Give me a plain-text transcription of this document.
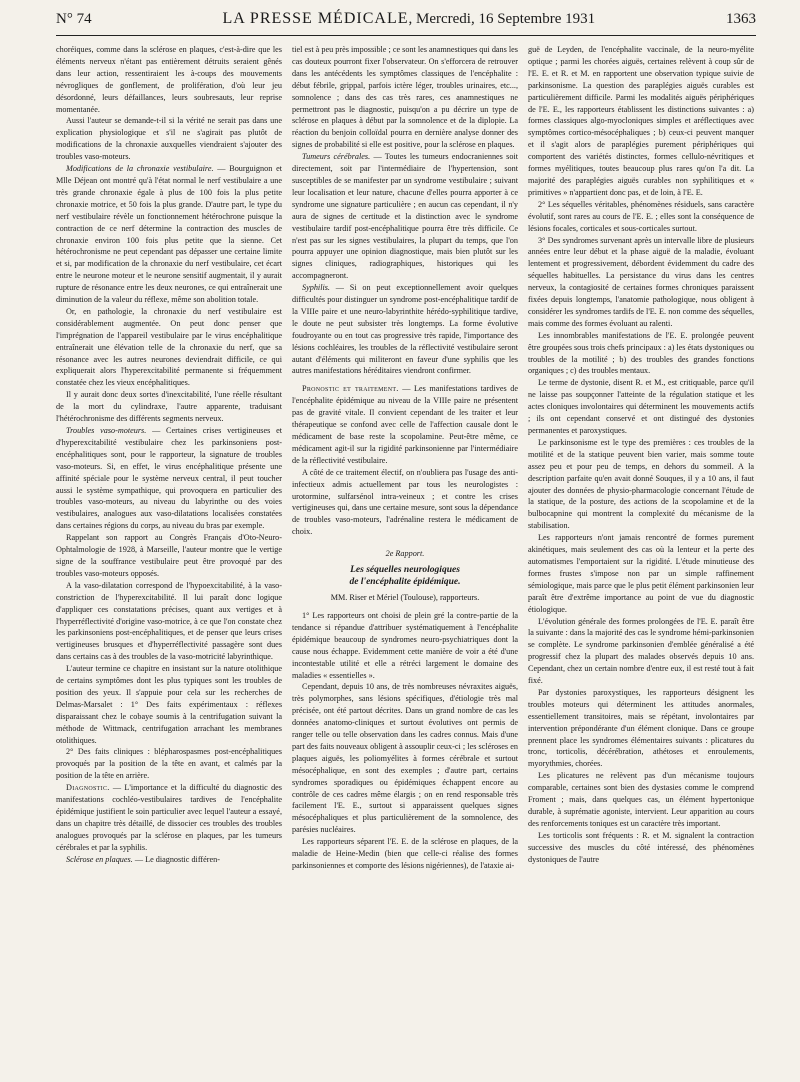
N° 74	LA PRESSE MÉDICALE, Mercredi, 16 Septembre 1931	1363

choréiques, comme dans la sclérose en plaques, c'est-à-dire que les éléments nerveux n'étant pas entièrement détruits seraient gênés dans leur action, ressentiraient les à-coups des mouvements névrogliques de gonflement, de prolifération, d'où leur jeu désordonné, leurs défaillances, leurs soubresauts, leur reprise momentanée.

Aussi l'auteur se demande-t-il si la vérité ne serait pas dans une explication physiologique et s'il ne s'agirait pas plutôt de modifications de la chronaxie auxquelles viendraient s'ajouter des troubles vaso-moteurs.

Modifications de la chronaxie vestibulaire. — Bourguignon et Mlle Déjean ont montré qu'à l'état normal le nerf vestibulaire a une très grande chronaxie égale à plus de 100 fois la plus petite chronaxie motrice, et 50 fois la plus grande. D'autre part, le type du nerf vestibulaire révèle un fonctionnement hétérochrone puisque la contraction de ce nerf détermine la contraction des muscles de chronaxie environ 100 fois plus petite que la sienne. Cet hétérochronisme ne peut cependant pas dépasser une certaine limite et si, par modification de la chronaxie du nerf vestibulaire, cet écart entre le neurone moteur et le neurone sensitif augmentait, il y aurait rupture de résonance entre les deux neurones, ce qui entraînerait une diminution de la valeur du réflexe, même son abolition totale.

Or, en pathologie, la chronaxie du nerf vestibulaire est considérablement augmentée. On peut donc penser que l'imprégnation de l'appareil vestibulaire par le virus encéphalitique entraînerait une élévation telle de la chronaxie du nerf, que sa résonance avec les autres neurones deviendrait difficile, ce qui expliquerait alors l'hyperexcitabilité permanente si fréquemment constatée chez les vieux encéphalitiques.

Il y aurait donc deux sortes d'inexcitabilité, l'une réelle résultant de la mort du cylindraxe, l'autre apparente, traduisant l'hétérochronisme des différents segments nerveux.

Troubles vaso-moteurs. — Certaines crises vertigineuses et d'hyperexcitabilité vestibulaire chez les parkinsoniens post-encéphalitiques sont, pour le rapporteur, la signature de troubles vaso-moteurs. Si, en effet, le virus encéphalitique présente une affinité spéciale pour le système nerveux central, il peut toucher aussi le système sympathique, qui provoquera en particulier des troubles vaso-moteurs, au niveau du labyrinthe ou des voies vestibulaires, analogues aux vaso-dilatations localisées constatées dans certaines régions du corps, au niveau du bras par exemple.

Rappelant son rapport au Congrès Français d'Oto-Neuro-Ophtalmologie de 1928, à Marseille, l'auteur montre que le vertige signe de la souffrance vestibulaire peut être provoqué par des troubles vaso-moteurs opposés.

A la vaso-dilatation correspond de l'hypoexcitabilité, à la vaso-constriction de l'hyperexcitabilité. Il lui paraît donc logique d'appliquer ces constatations précises, quant aux vertiges et à l'hyperréflectivité d'origine vaso-motrice, à ce que l'on constate chez les parkinsoniens post-encéphalitiques, et de penser que leurs crises vertigineuses brusques et d'hyperréflectivité passagère sont dues dans certains cas à des troubles de la vaso-motricité labyrinthique.

L'auteur termine ce chapitre en insistant sur la nature otolithique de certains symptômes dont les plus typiques sont les troubles de position des yeux. Il s'appuie pour cela sur les recherches de Delmas-Marsalet : 1° Des faits expérimentaux : réflexes disparaissant chez le cobaye soumis à la centrifugation suivant la méthode de Wittmack, centrifugation arrachant les membranes otolithiques.

2° Des faits cliniques : blépharospasmes post-encéphalitiques provoqués par la position de la tête en avant, et calmés par la position de la tête en arrière.

Diagnostic. — L'importance et la difficulté du diagnostic des manifestations cochléo-vestibulaires tardives de l'encéphalite épidémique justifient le soin particulier avec lequel l'auteur a essayé, dans un chapitre très détaillé, de dissocier ces troubles des troubles analogues provoqués par la sclérose en plaques, par les tumeurs cérébrales et par la syphilis.

Sclérose en plaques. — Le diagnostic différen-

tiel est à peu près impossible ; ce sont les anamnestiques qui dans les cas douteux pourront fixer l'observateur. On s'efforcera de retrouver dans les antécédents les symptômes classiques de l'encéphalite : début fébrile, grippal, parfois ictère léger, troubles urinaires, etc..., somnolence ; dans des cas très rares, ces anamnestiques ne permettront pas le diagnostic, puisqu'on a pu décrire un type de sclérose en plaques à début par la somnolence et de la diplopie. La réaction du benjoin colloïdal pourra en dernière analyse donner des signes de probabilité si elle est positive, pour la sclérose en plaques.

Tumeurs cérébrales. — Toutes les tumeurs endocraniennes soit directement, soit par l'intermédiaire de l'hypertension, sont susceptibles de se manifester par un syndrome vestibulaire ; suivant leur localisation et leur nature, chacune d'elles pourra apporter à ce syndrome une signature particulière ; en aucun cas cependant, il n'y aura de signes de certitude et la distinction avec le syndrome vestibulaire tardif post-encéphalitique pourra être très difficile. Ce n'est pas sur les signes vestibulaires, la plupart du temps, que l'on pourra appuyer une opinion diagnostique, mais bien plutôt sur les signes cliniques, radiographiques, historiques qui les accompagneront.

Syphilis. — Si on peut exceptionnellement avoir quelques difficultés pour distinguer un syndrome post-encéphalitique tardif de la VIIIe paire et une neuro-labyrinthite hérédo-syphilitique tardive, le doute ne peut subsister très longtemps. La forme évolutive foudroyante ou en tout cas progressive très rapide, l'importance des lésions cochléaires, les troubles de la réflectivité vestibulaire seront autant d'éléments qui militeront en faveur d'une syphilis que les autres manifestations héréditaires viendront confirmer.

Pronostic et traitement. — Les manifestations tardives de l'encéphalite épidémique au niveau de la VIIIe paire ne présentent pas de gravité vitale. Il convient cependant de les traiter et leur thérapeutique se confond avec celle de l'affection causale dont le médicament de base reste la scopolamine. Peut-être même, ce médicament agit-il sur la rigidité parkinsonienne par l'intermédiaire de la réflectivité vestibulaire.

A côté de ce traitement électif, on n'oubliera pas l'usage des anti-infectieux admis actuellement par tous les neurologistes : urotormine, sulfarsénol intra-veineux ; et contre les crises vertigineuses qui, dans une certaine mesure, sont sous la dépendance de troubles vaso-moteurs, l'adrénaline restera le médicament de choix.

2e Rapport.
Les séquelles neurologiques
de l'encéphalite épidémique.
MM. Riser et Mériel (Toulouse), rapporteurs.

1° Les rapporteurs ont choisi de plein gré la contre-partie de la tendance si répandue d'attribuer systématiquement à l'encéphalite épidémique beaucoup de syndromes neuro-psychiatriques dont la cause nous échappe. Evidemment cette manière de voir a été d'une incontestable utilité et elle a rétréci largement le domaine des maladies « essentielles ».

Cependant, depuis 10 ans, de très nombreuses névraxites aiguës, très polymorphes, sans lésions spécifiques, d'étiologie très mal précisée, ont été partout décrites. Dans un grand nombre de cas les données anatomo-cliniques et surtout évolutives ont permis de ranger telle ou telle observation dans les cadres connus. Mais d'une part des faits nouveaux obligent à assouplir ceux-ci ; les scléroses en plaques aiguës, les poliomyélites à formes cérébrale et surtout mésocéphalique, en sont des exemples ; d'autre part, certains syndromes sporadiques ou épidémiques échappent encore au contrôle de ces cadres même élargis ; on en rend responsable très facilement l'E. E., surtout si apparaissent quelques signes mésocéphaliques et plus particulièrement de la somnolence, des parésies nucléaires.

Les rapporteurs séparent l'E. E. de la sclérose en plaques, de la maladie de Heine-Medin (bien que celle-ci réalise des formes parkinsoniennes et comporte des lésions nigériennes), de l'ataxie ai-

guë de Leyden, de l'encéphalite vaccinale, de la neuro-myélite optique ; parmi les chorées aiguës, certaines relèvent à coup sûr de l'E. E. et R. et M. en rapportent une observation typique suivie de parkinsonisme. La question des paraplégies aiguës curables est particulièrement difficile. Parmi les modalités aiguës périphériques de l'E. E., les rapporteurs établissent les distinctions suivantes : a) formes classiques algo-myocloniques simples et aréflectiques avec symptômes cortico-mésocéphaliques ; b) ceux-ci peuvent manquer et il s'agit alors de paraplégies purement périphériques qui comportent des variétés distinctes, formes cellulo-névritiques et formes myélitiques, toutes beaucoup plus rares qu'on l'a dit. La majorité des paraplégies aiguës curables non syphilitiques et « primitives » n'appartient donc pas, et de loin, à l'E. E.

2° Les séquelles véritables, phénomènes résiduels, sans caractère évolutif, sont rares au cours de l'E. E. ; elles sont la conséquence de lésions focales, corticales et sous-corticales surtout.

3° Des syndromes survenant après un intervalle libre de plusieurs années entre leur début et la phase aiguë de la maladie, évoluant lentement et progressivement, débordent évidemment du cadre des séquelles habituelles. La persistance du virus dans les centres nerveux, la contagiosité de certaines formes chroniques paraissent fixées depuis longtemps, l'anatomie pathologique, nous obligent à considérer les syndromes tardifs de l'E. E. non comme des séquelles, mais comme des formes évoluant au ralenti.

Les innombrables manifestations de l'E. E. prolongée peuvent être groupées sous trois chefs principaux : a) les états dystoniques ou troubles de la motilité ; b) des troubles des grandes fonctions organiques ; c) des troubles mentaux.

Le terme de dystonie, disent R. et M., est critiquable, parce qu'il ne laisse pas soupçonner l'atteinte de la régulation statique et les actes cloniques involontaires qui déterminent les mouvements actifs ; ils ont cependant conservé et ont distingué des dystonies permanentes et paroxystiques.

Le parkinsonisme est le type des premières : ces troubles de la motilité et de la statique peuvent bien varier, mais somme toute assez peu et pour peu de temps, en dehors du sommeil. A la description parfaite qu'en avait donné Souques, il y a 10 ans, il faut ajouter des données de physio-pharmacologie concernant l'étude de la statique, de la posture, des actions de la scopolamine et de la bulbocapnine qui montrent la complexité du mécanisme de la stabilisation.

Les rapporteurs n'ont jamais rencontré de formes purement akinétiques, mais seulement des cas où la lenteur et la perte des automatismes l'emportaient sur la rigidité. L'étude minutieuse des formes frustes s'impose non par un simple raffinement sémiologique, mais parce que le plus petit élément parkinsonien leur paraît être d'extrême importance au point de vue du diagnostic étiologique.

L'évolution générale des formes prolongées de l'E. E. paraît être la suivante : dans la majorité des cas le syndrome hémi-parkinsonien se complète. Le syndrome parkinsonien d'emblée généralisé a été progressif chez la plupart des malades observés depuis 10 ans. Cependant, chez un certain nombre d'entre eux, il est resté tout à fait fixé.

Par dystonies paroxystiques, les rapporteurs désignent les troubles moteurs qui déterminent les attitudes anormales, essentiellement transitoires, mais se répétant, involontaires par intervention prépondérante d'un élément clonique. Dans ce groupe prennent place les syndromes élémentaires suivants : plicatures du tronc, torticolis, décérébration, athétoses et enroulements, myorythmies, chorées.

Les plicatures ne relèvent pas d'un mécanisme toujours comparable, certaines sont bien des dystasies comme le comprend Froment ; mais, dans quelques cas, un élément hypertonique durable, à suprématie agoniste, intervient. Leur apparition au cours des renforcements toniques est un caractère très important.

Les torticolis sont fréquents : R. et M. signalent la contraction successive des muscles du côté intéressé, des phénomènes dystoniques de l'autre
